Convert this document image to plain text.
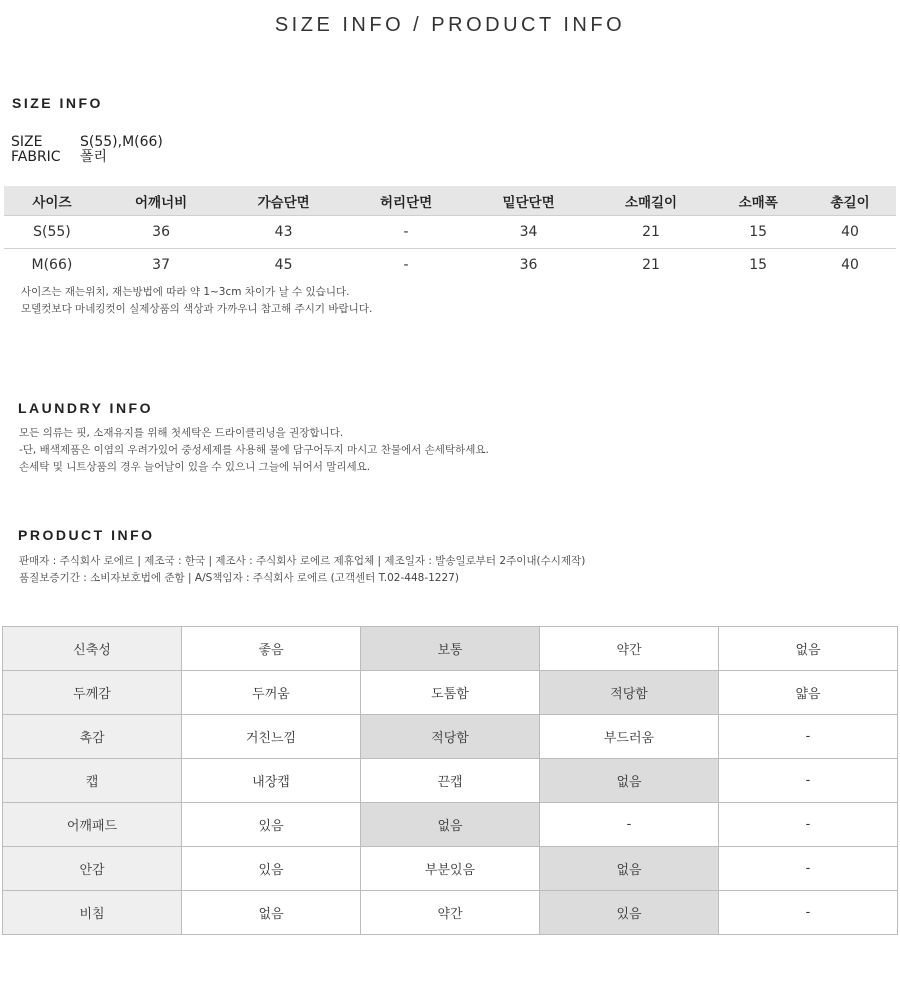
SIZE INFO / PRODUCT INFO
SIZE INFO
SIZE	S(55),M(66)
FABRIC 폴리
사이즈	어깨너비	가슴단면	허리단면	밑단단면	소매길이	소매폭	총길이
S(55)	36	43	-	34	21	15	40
M(66)	37	45	-	36	21	15	40
사이즈는 재는위치, 재는방법에 따라 약 1~3cm 차이가 날 수 있습니다.
모델컷보다 마네킹컷이 실제상품의 색상과 가까우니 참고해 주시기 바랍니다.
LAUNDRY INFO
모든 의류는 핏, 소재유지를 위해 첫세탁은 드라이클리닝을 권장합니다.
-단, 배색제품은 이염의 우려가있어 중성세제를 사용해 물에 담구어두지 마시고 찬물에서 손세탁하세요.
손세탁 및 니트상품의 경우 늘어날이 있을 수 있으니 그늘에 뉘어서 말리세요.
PRODUCT INFO
판매자 : 주식회사 로에르 | 제조국 : 한국 | 제조사 : 주식회사 로에르 제휴업체 | 제조일자 : 발송일로부터 2주이내(수시제작)
품질보증기간 : 소비자보호법에 준함 | A/S책임자 : 주식회사 로에르 (고객센터 T.02-448-1227)
신축성	좋음	보통	약간	없음
두께감	두꺼움	도톰함	적당함	얇음
촉감	거친느낌	적당함	부드러움	-
캡	내장캡	끈캡	없음	-
어깨패드	있음	없음	-	-
안감	있음	부분있음	없음	-
비침	없음	약간	있음	-
